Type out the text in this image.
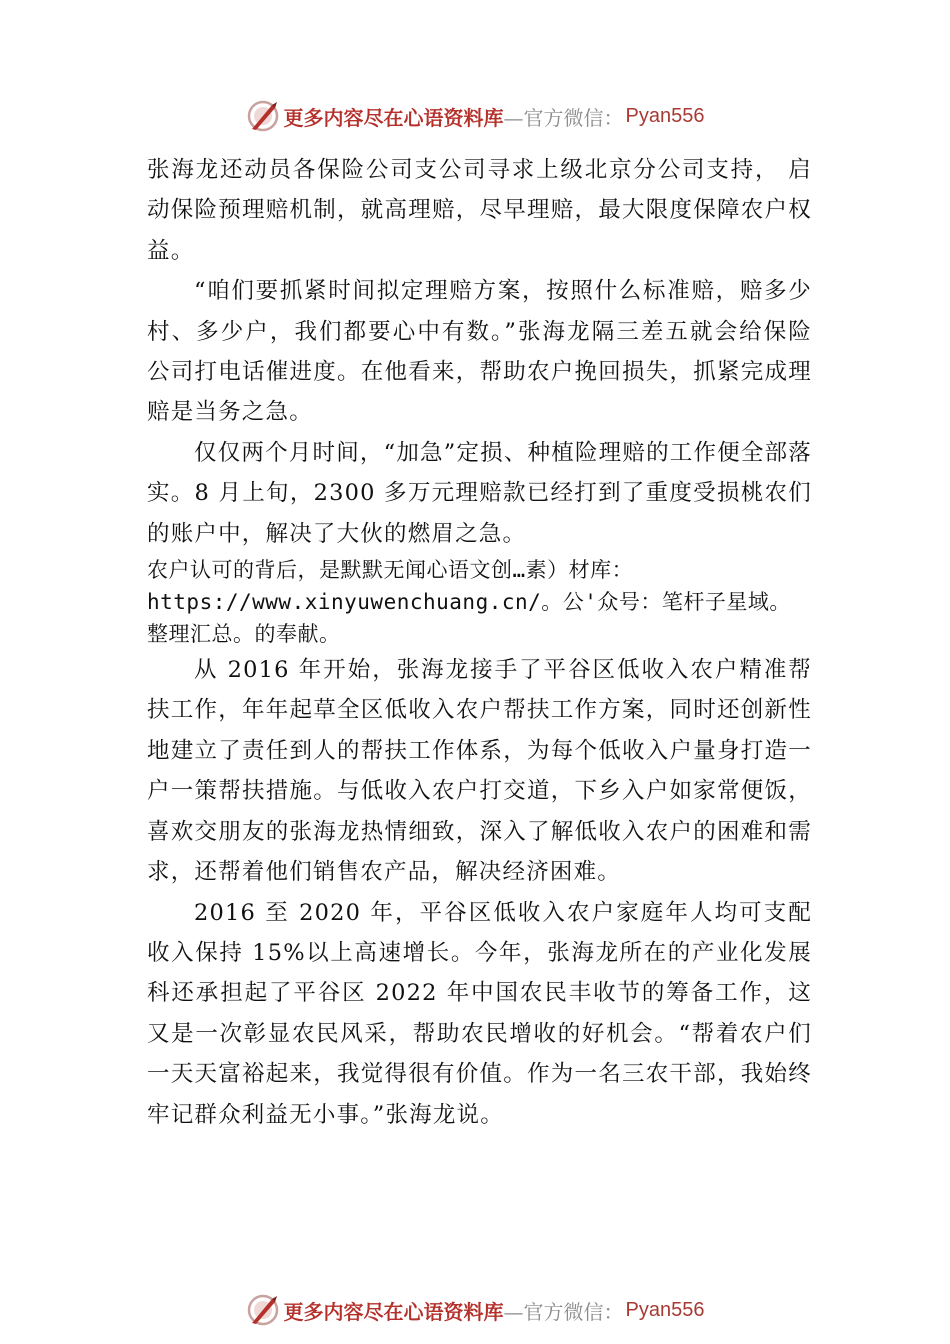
更多内容尽在心语资料库 —官方微信： Pyan556

张海龙还动员各保险公司支公司寻求上级北京分公司支持， 启动保险预理赔机制，就高理赔，尽早理赔，最大限度保障农户权益。

“咱们要抓紧时间拟定理赔方案，按照什么标准赔，赔多少村、多少户，我们都要心中有数。”张海龙隔三差五就会给保险公司打电话催进度。在他看来，帮助农户挽回损失，抓紧完成理赔是当务之急。

仅仅两个月时间，“加急”定损、种植险理赔的工作便全部落实。8 月上旬，2300 多万元理赔款已经打到了重度受损桃农们的账户中，解决了大伙的燃眉之急。

农户认可的背后，是默默无闻心语文创…素）材库：https://www.xinyuwenchuang.cn/。公'众号：笔杆子星域。整理汇总。的奉献。

从 2016 年开始，张海龙接手了平谷区低收入农户精准帮扶工作，年年起草全区低收入农户帮扶工作方案，同时还创新性地建立了责任到人的帮扶工作体系，为每个低收入户量身打造一户一策帮扶措施。与低收入农户打交道，下乡入户如家常便饭，喜欢交朋友的张海龙热情细致，深入了解低收入农户的困难和需求，还帮着他们销售农产品，解决经济困难。

2016 至 2020 年，平谷区低收入农户家庭年人均可支配收入保持 15%以上高速增长。今年，张海龙所在的产业化发展科还承担起了平谷区 2022 年中国农民丰收节的筹备工作，这又是一次彰显农民风采，帮助农民增收的好机会。“帮着农户们一天天富裕起来，我觉得很有价值。作为一名三农干部，我始终牢记群众利益无小事。”张海龙说。

更多内容尽在心语资料库 —官方微信： Pyan556
